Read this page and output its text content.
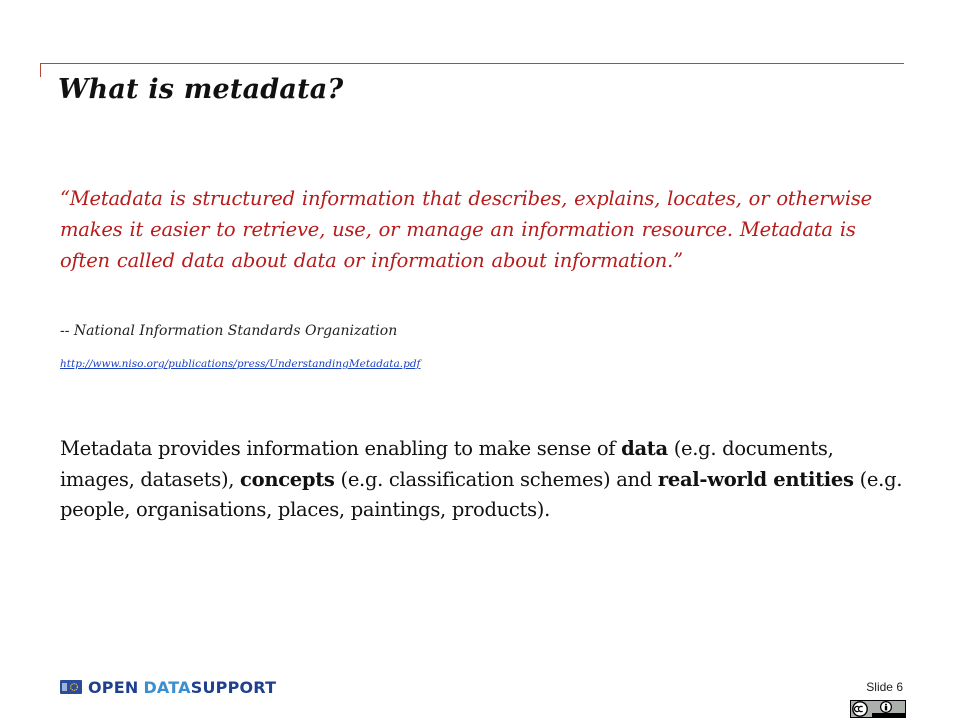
What is metadata?

“Metadata is structured information that describes, explains, locates, or otherwise makes it easier to retrieve, use, or manage an information resource. Metadata is often called data about data or information about information.”

-- National Information Standards Organization

http://www.niso.org/publications/press/UnderstandingMetadata.pdf

Metadata provides information enabling to make sense of data (e.g. documents, images, datasets), concepts (e.g. classification schemes) and real-world entities (e.g. people, organisations, places, paintings, products).

OPEN DATASUPPORT	Slide 6
